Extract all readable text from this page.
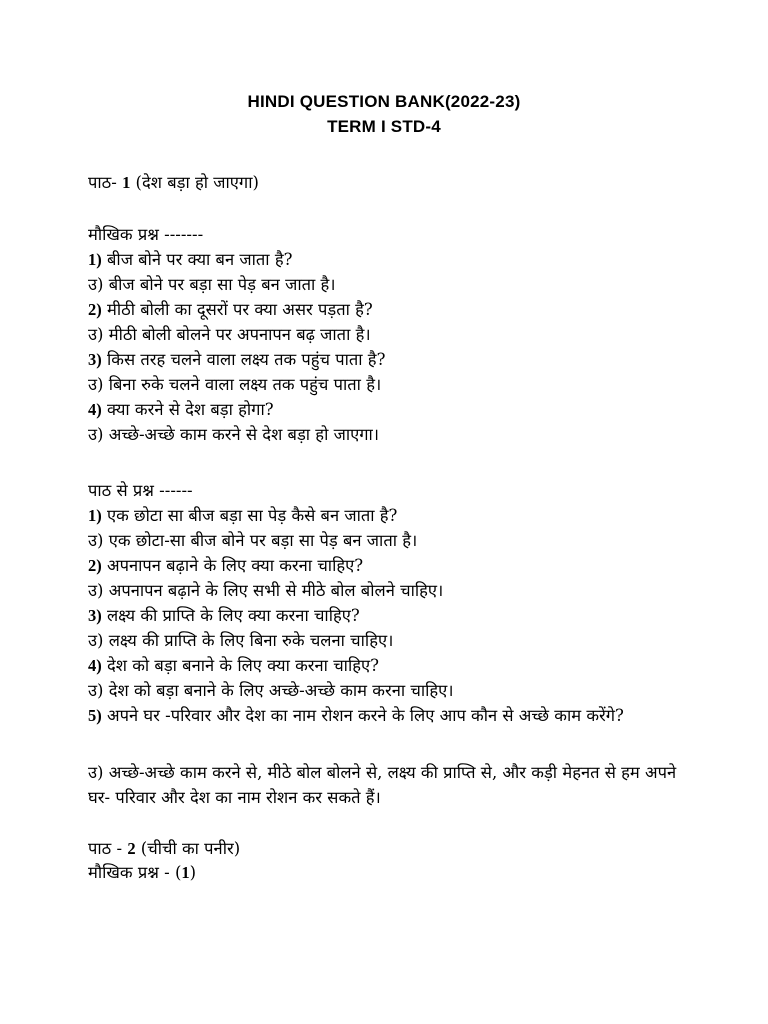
HINDI QUESTION BANK(2022-23)
TERM I STD-4
पाठ- 1 (देश बड़ा हो जाएगा)
मौखिक प्रश्न -------
1) बीज बोने पर क्या बन जाता है?
उ) बीज बोने पर बड़ा सा पेड़ बन जाता है।
2) मीठी बोली का दूसरों पर क्या असर पड़ता है?
उ) मीठी बोली बोलने पर अपनापन बढ़ जाता है।
3) किस तरह चलने वाला लक्ष्य तक पहुंच पाता है?
उ) बिना रुके चलने वाला लक्ष्य तक पहुंच पाता है।
4) क्या करने से देश बड़ा होगा?
उ) अच्छे-अच्छे काम करने से देश बड़ा हो जाएगा।
पाठ से प्रश्न ------
1) एक छोटा सा बीज बड़ा सा पेड़ कैसे बन जाता है?
उ) एक छोटा-सा बीज बोने पर बड़ा सा पेड़ बन जाता है।
2) अपनापन बढ़ाने के लिए क्या करना चाहिए?
उ) अपनापन बढ़ाने के लिए सभी से मीठे बोल बोलने चाहिए।
3) लक्ष्य की प्राप्ति के लिए क्या करना चाहिए?
उ) लक्ष्य की प्राप्ति के लिए बिना रुके चलना चाहिए।
4) देश को बड़ा बनाने के लिए क्या करना चाहिए?
उ) देश को बड़ा बनाने के लिए अच्छे-अच्छे काम करना चाहिए।
5) अपने घर -परिवार और देश का नाम रोशन करने के लिए आप कौन से अच्छे काम करेंगे?
उ) अच्छे-अच्छे काम करने से, मीठे बोल बोलने से, लक्ष्य की प्राप्ति से, और कड़ी मेहनत से हम अपने घर- परिवार और देश का नाम रोशन कर सकते हैं।
पाठ - 2 (चीची का पनीर)
मौखिक प्रश्न - (1)
